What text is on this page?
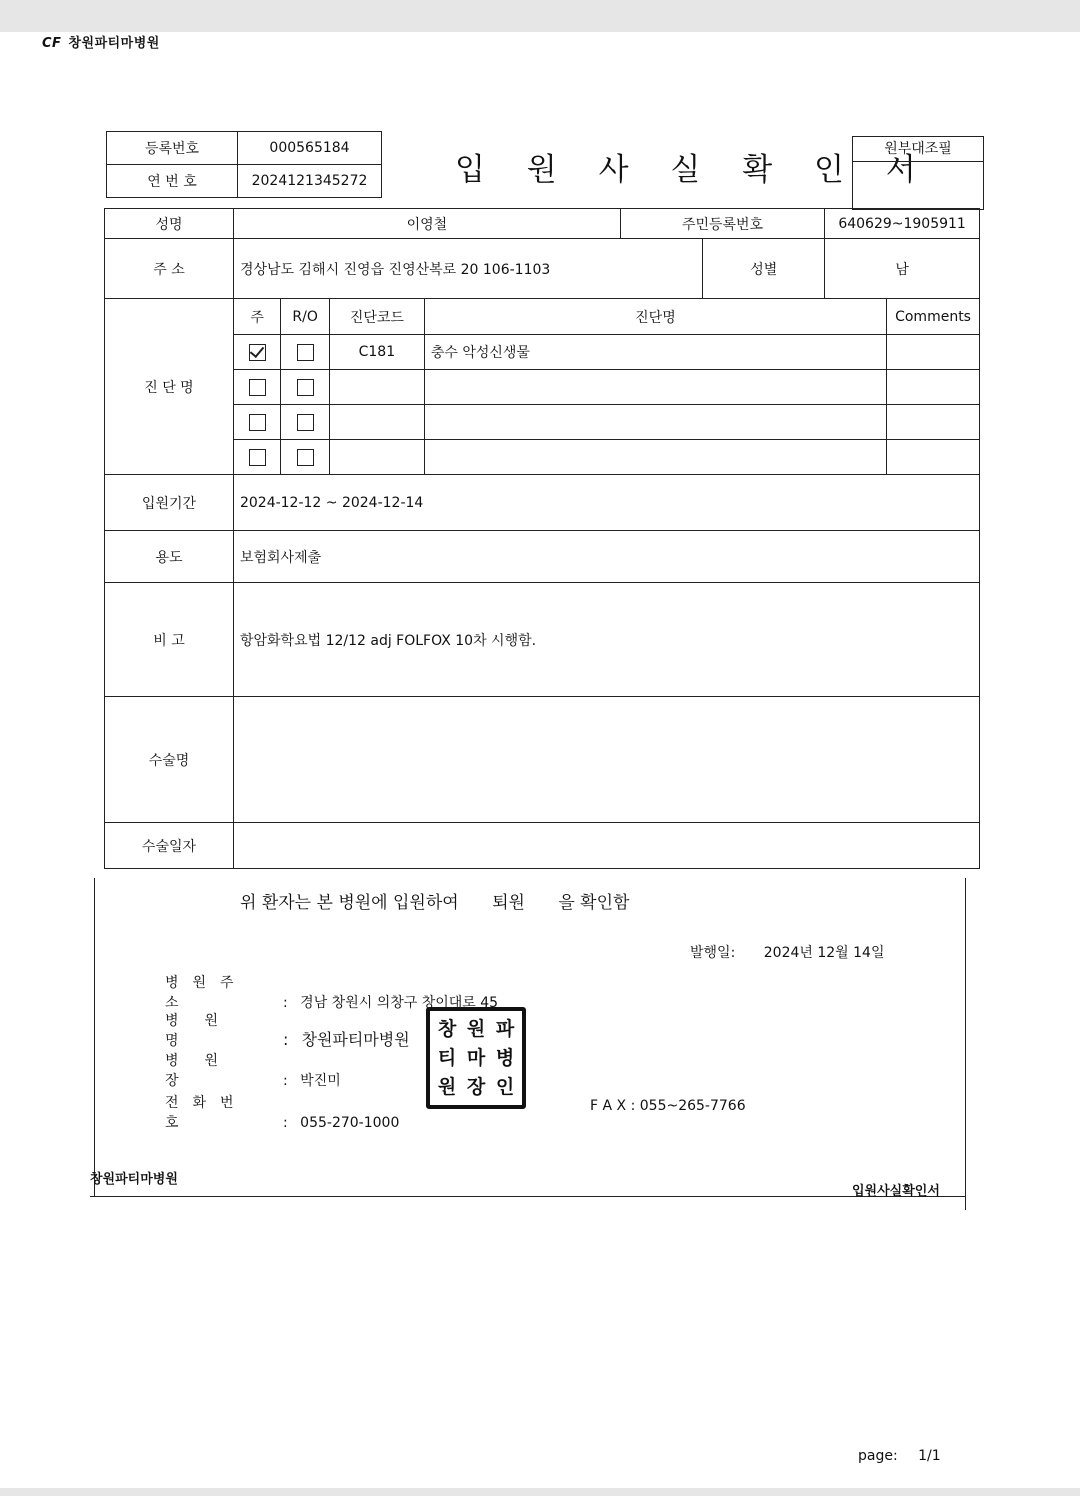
CF 창원파티마병원
등록번호	000565184
연 번 호	2024121345272	입 원 사 실 확 인 서
원부대조필
성명	이영철				주민등록번호		640629~1905911	
주 소	경상남도 김해시 진영읍 진영산복로 20 106-1103					성별	남	
진 단 명	주	R/O	진단코드	진단명				Comments
			C181	충수 악성신생물				

입원기간	2024-12-12 ~ 2024-12-14							
용도	보험회사제출							
비 고	항암화학요법 12/12 adj FOLFOX 10차 시행함.							
수술명								
수술일자								
위 환자는 본 병원에 입원하여 퇴원 을 확인함
발행일: 2024년 12월 14일
병원주소	: 경남 창원시 의창구 창이대로 45
병원명	: 창원파티마병원
병원장	: 박진미
전화번호	: 055-270-1000
F A X : 055~265-7766
창 원 파
티 마 병
원 장 인
창원파티마병원
입원사실확인서
page: 1/1
